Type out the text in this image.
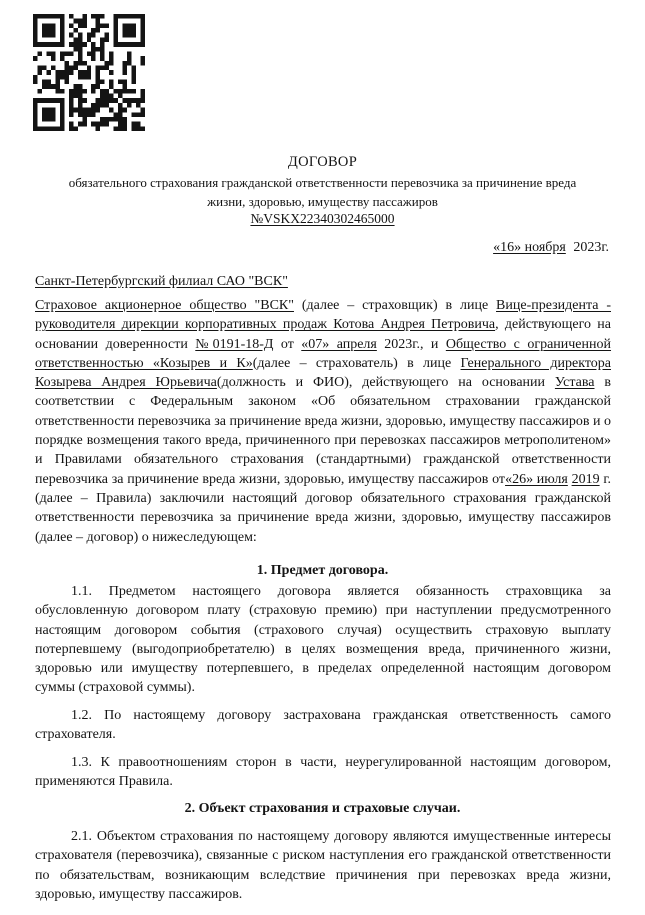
ДОГОВОР
обязательного страхования гражданской ответственности перевозчика за причинение вреда
жизни, здоровью, имуществу пассажиров
№VSKX22340302465000
«16» ноября 2023г.
Санкт-Петербургский филиал САО "ВСК"

Страховое акционерное общество "ВСК" (далее – страховщик) в лице Вице-президента - руководителя дирекции корпоративных продаж Котова Андрея Петровича, действующего на основании доверенности №0191-18-Д от «07» апреля 2023г., и Общество с ограниченной ответственностью «Козырев и К»(далее – страхователь) в лице Генерального директора Козырева Андрея Юрьевича(должность и ФИО), действующего на основании Устава в соответствии с Федеральным законом «Об обязательном страховании гражданской ответственности перевозчика за причинение вреда жизни, здоровью, имуществу пассажиров и о порядке возмещения такого вреда, причиненного при перевозках пассажиров метрополитеном» и Правилами обязательного страхования (стандартными) гражданской ответственности перевозчика за причинение вреда жизни, здоровью, имуществу пассажиров от«26» июля 2019 г. (далее – Правила) заключили настоящий договор обязательного страхования гражданской ответственности перевозчика за причинение вреда жизни, здоровью, имуществу пассажиров (далее – договор) о нижеследующем:

1. Предмет договора.

1.1. Предметом настоящего договора является обязанность страховщика за обусловленную договором плату (страховую премию) при наступлении предусмотренного настоящим договором события (страхового случая) осуществить страховую выплату потерпевшему (выгодоприобретателю) в целях возмещения вреда, причиненного жизни, здоровью или имуществу потерпевшего, в пределах определенной настоящим договором суммы (страховой суммы).

1.2. По настоящему договору застрахована гражданская ответственность самого страхователя.

1.3. К правоотношениям сторон в части, неурегулированной настоящим договором, применяются Правила.

2. Объект страхования и страховые случаи.

2.1. Объектом страхования по настоящему договору являются имущественные интересы страхователя (перевозчика), связанные с риском наступления его гражданской ответственности по обязательствам, возникающим вследствие причинения при перевозках вреда жизни, здоровью, имуществу пассажиров.
